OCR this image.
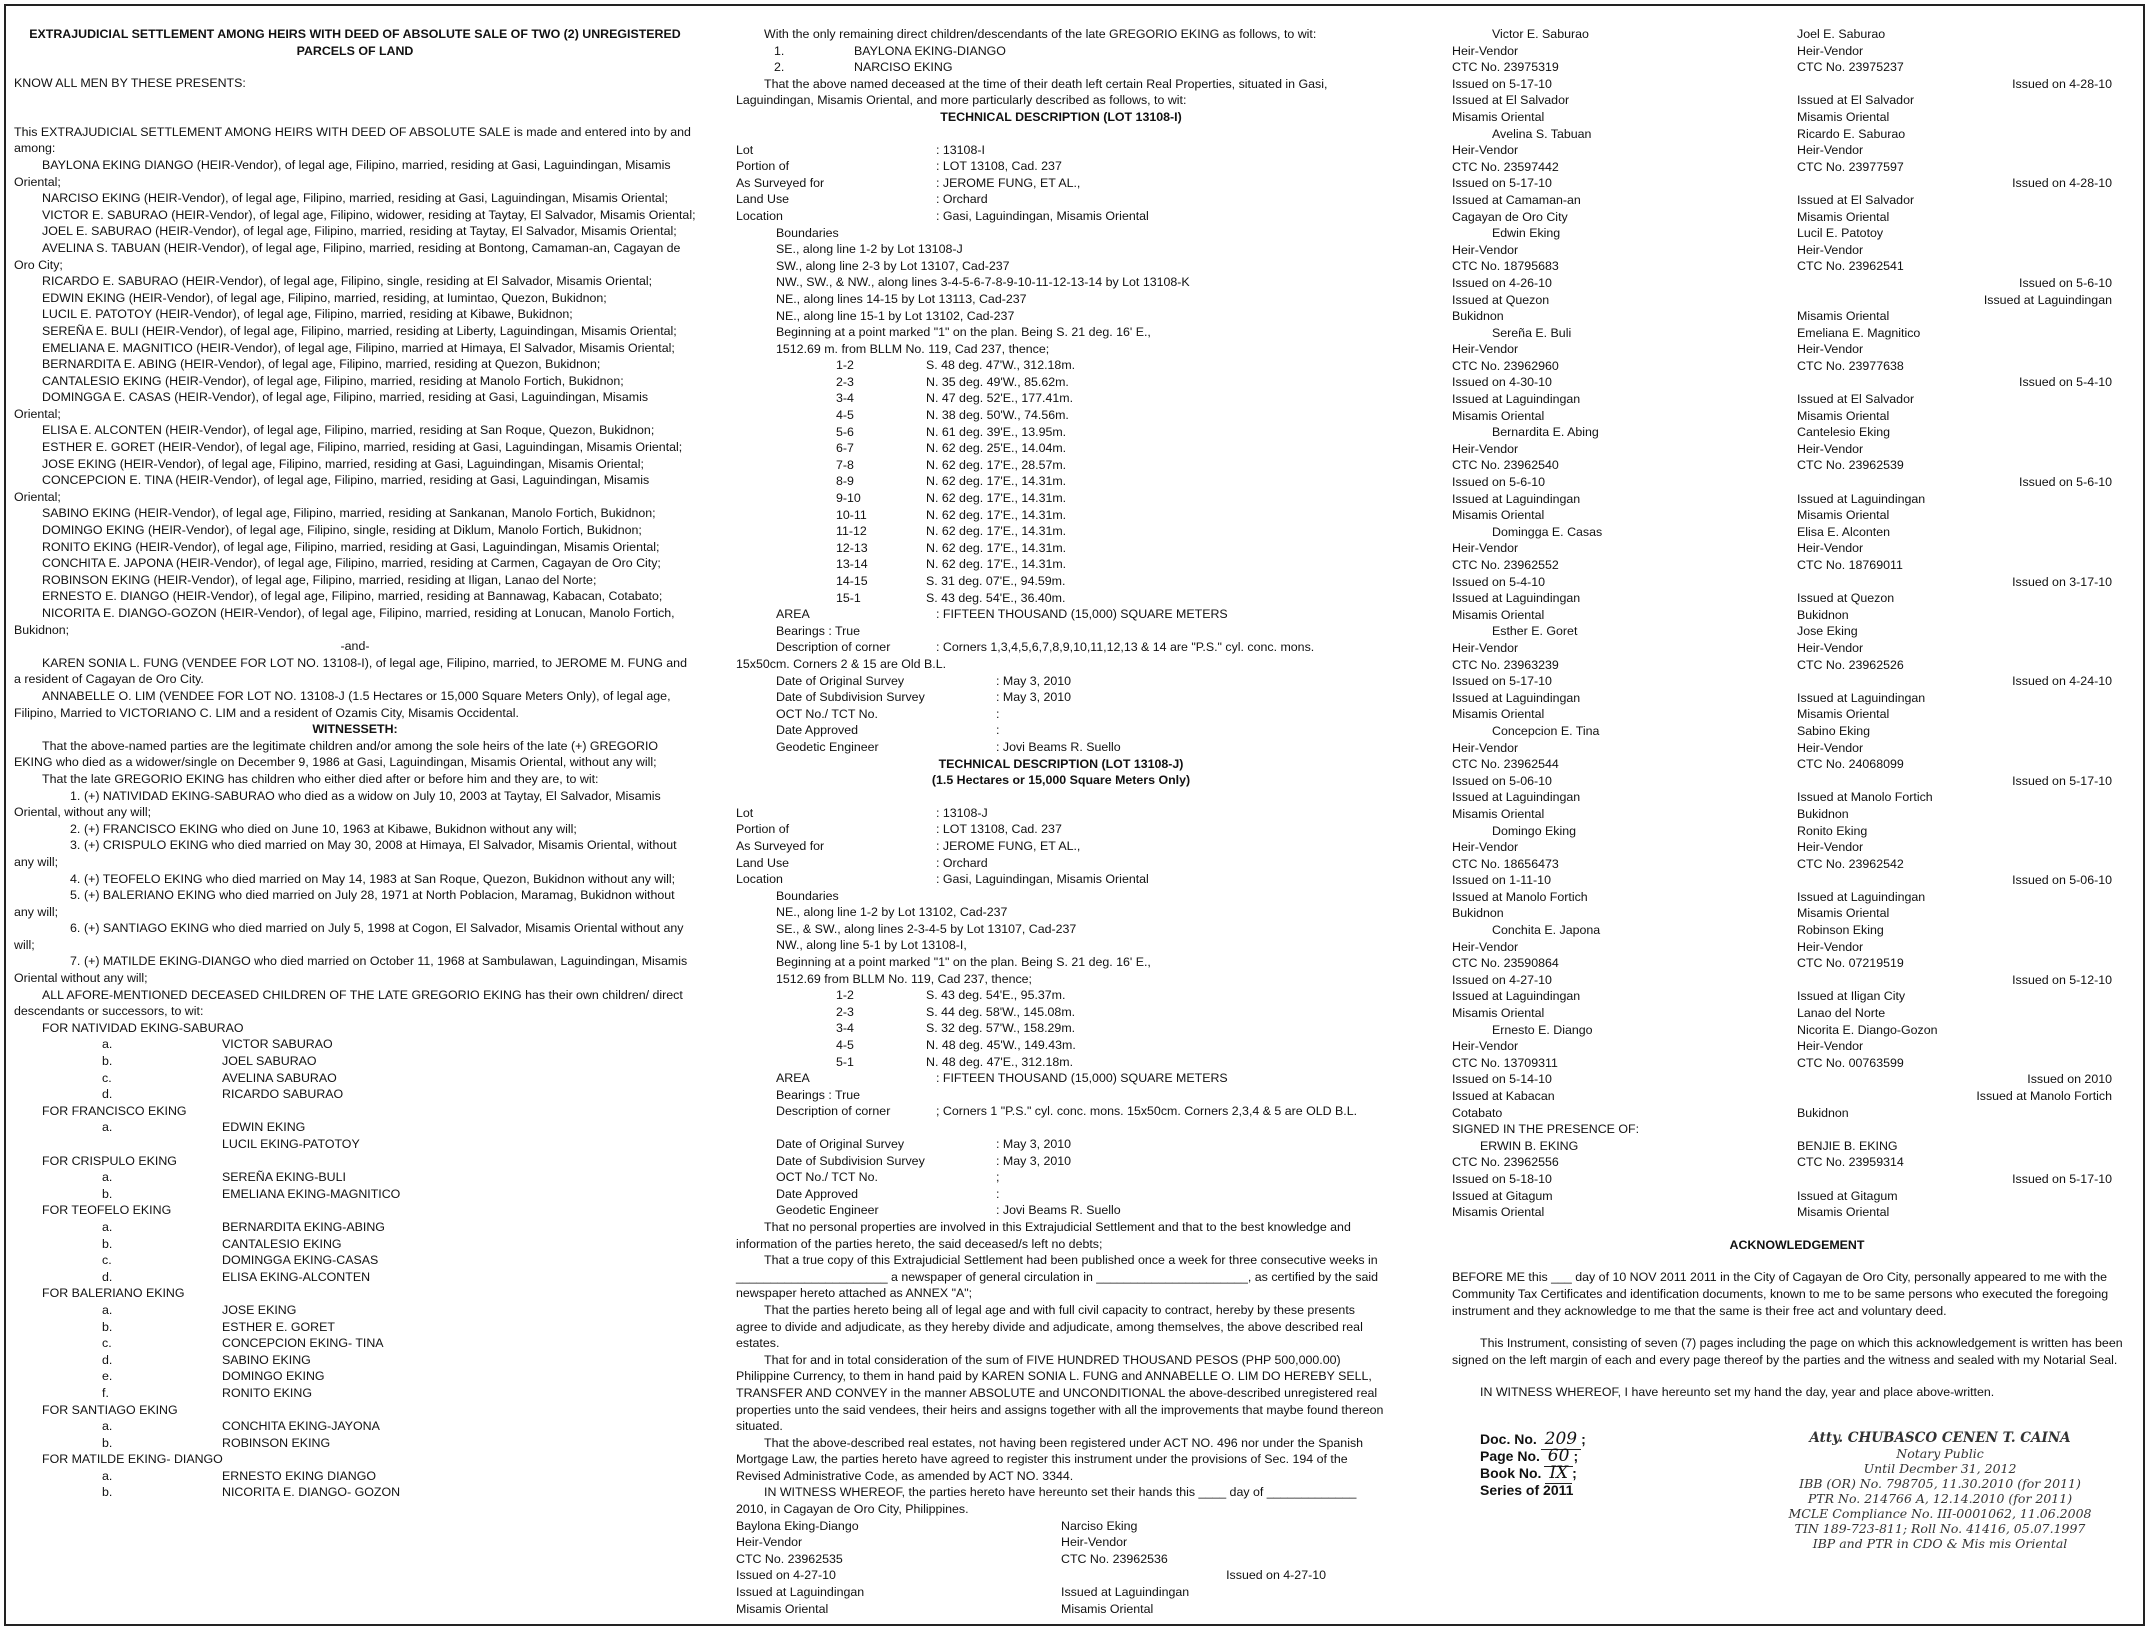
EXTRAJUDICIAL SETTLEMENT AMONG HEIRS WITH DEED OF ABSOLUTE SALE OF TWO (2) UNREGISTERED PARCELS OF LAND

KNOW ALL MEN BY THESE PRESENTS:

This EXTRAJUDICIAL SETTLEMENT AMONG HEIRS WITH DEED OF ABSOLUTE SALE is made and entered into by and among:

BAYLONA EKING DIANGO (HEIR-Vendor), of legal age, Filipino, married, residing at Gasi, Laguindingan, Misamis Oriental;

NARCISO EKING (HEIR-Vendor), of legal age, Filipino, married, residing at Gasi, Laguindingan, Misamis Oriental;

VICTOR E. SABURAO (HEIR-Vendor), of legal age, Filipino, widower, residing at Taytay, El Salvador, Misamis Oriental;

JOEL E. SABURAO (HEIR-Vendor), of legal age, Filipino, married, residing at Taytay, El Salvador, Misamis Oriental;

AVELINA S. TABUAN (HEIR-Vendor), of legal age, Filipino, married, residing at Bontong, Camaman-an, Cagayan de Oro City;

RICARDO E. SABURAO (HEIR-Vendor), of legal age, Filipino, single, residing at El Salvador, Misamis Oriental;

EDWIN EKING (HEIR-Vendor), of legal age, Filipino, married, residing, at Iumintao, Quezon, Bukidnon;

LUCIL E. PATOTOY (HEIR-Vendor), of legal age, Filipino, married, residing at Kibawe, Bukidnon;

SEREÑA E. BULI (HEIR-Vendor), of legal age, Filipino, married, residing at Liberty, Laguindingan, Misamis Oriental;

EMELIANA E. MAGNITICO (HEIR-Vendor), of legal age, Filipino, married at Himaya, El Salvador, Misamis Oriental;

BERNARDITA E. ABING (HEIR-Vendor), of legal age, Filipino, married, residing at Quezon, Bukidnon;

CANTALESIO EKING (HEIR-Vendor), of legal age, Filipino, married, residing at Manolo Fortich, Bukidnon;

DOMINGGA E. CASAS (HEIR-Vendor), of legal age, Filipino, married, residing at Gasi, Laguindingan, Misamis Oriental;

ELISA E. ALCONTEN (HEIR-Vendor), of legal age, Filipino, married, residing at San Roque, Quezon, Bukidnon;

ESTHER E. GORET (HEIR-Vendor), of legal age, Filipino, married, residing at Gasi, Laguindingan, Misamis Oriental;

JOSE EKING (HEIR-Vendor), of legal age, Filipino, married, residing at Gasi, Laguindingan, Misamis Oriental;

CONCEPCION E. TINA (HEIR-Vendor), of legal age, Filipino, married, residing at Gasi, Laguindingan, Misamis Oriental;

SABINO EKING (HEIR-Vendor), of legal age, Filipino, married, residing at Sankanan, Manolo Fortich, Bukidnon;

DOMINGO EKING (HEIR-Vendor), of legal age, Filipino, single, residing at Diklum, Manolo Fortich, Bukidnon;

RONITO EKING (HEIR-Vendor), of legal age, Filipino, married, residing at Gasi, Laguindingan, Misamis Oriental;

CONCHITA E. JAPONA (HEIR-Vendor), of legal age, Filipino, married, residing at Carmen, Cagayan de Oro City;

ROBINSON EKING (HEIR-Vendor), of legal age, Filipino, married, residing at Iligan, Lanao del Norte;

ERNESTO E. DIANGO (HEIR-Vendor), of legal age, Filipino, married, residing at Bannawag, Kabacan, Cotabato;

NICORITA E. DIANGO-GOZON (HEIR-Vendor), of legal age, Filipino, married, residing at Lonucan, Manolo Fortich, Bukidnon;

-and-

KAREN SONIA L. FUNG (VENDEE FOR LOT NO. 13108-I), of legal age, Filipino, married, to JEROME M. FUNG and a resident of Cagayan de Oro City.

ANNABELLE O. LIM (VENDEE FOR LOT NO. 13108-J (1.5 Hectares or 15,000 Square Meters Only), of legal age, Filipino, Married to VICTORIANO C. LIM and a resident of Ozamis City, Misamis Occidental.

WITNESSETH:

That the above-named parties are the legitimate children and/or among the sole heirs of the late (+) GREGORIO EKING who died as a widower/single on December 9, 1986 at Gasi, Laguindingan, Misamis Oriental, without any will;

That the late GREGORIO EKING has children who either died after or before him and they are, to wit:

1. (+) NATIVIDAD EKING-SABURAO who died as a widow on July 10, 2003 at Taytay, El Salvador, Misamis Oriental, without any will;

2. (+) FRANCISCO EKING who died on June 10, 1963 at Kibawe, Bukidnon without any will;

3. (+) CRISPULO EKING who died married on May 30, 2008 at Himaya, El Salvador, Misamis Oriental, without any will;

4. (+) TEOFELO EKING who died married on May 14, 1983 at San Roque, Quezon, Bukidnon without any will;

5. (+) BALERIANO EKING who died married on July 28, 1971 at North Poblacion, Maramag, Bukidnon without any will;

6. (+) SANTIAGO EKING who died married on July 5, 1998 at Cogon, El Salvador, Misamis Oriental without any will;

7. (+) MATILDE EKING-DIANGO who died married on October 11, 1968 at Sambulawan, Laguindingan, Misamis Oriental without any will;

ALL AFORE-MENTIONED DECEASED CHILDREN OF THE LATE GREGORIO EKING has their own children/ direct descendants or successors, to wit:

FOR NATIVIDAD EKING-SABURAO

a.	VICTOR SABURAO
b.	JOEL SABURAO
c.	AVELINA SABURAO
d.	RICARDO SABURAO

FOR FRANCISCO EKING

a.	EDWIN EKING
LUCIL EKING-PATOTOY

FOR CRISPULO EKING

a.	SEREÑA EKING-BULI
b.	EMELIANA EKING-MAGNITICO

FOR TEOFELO EKING

a.	BERNARDITA EKING-ABING
b.	CANTALESIO EKING
c.	DOMINGGA EKING-CASAS
d.	ELISA EKING-ALCONTEN

FOR BALERIANO EKING

a.	JOSE EKING
b.	ESTHER E. GORET
c.	CONCEPCION EKING- TINA
d.	SABINO EKING
e.	DOMINGO EKING
f.	RONITO EKING

FOR SANTIAGO EKING

a.	CONCHITA EKING-JAYONA
b.	ROBINSON EKING

FOR MATILDE EKING- DIANGO

a.	ERNESTO EKING DIANGO
b.	NICORITA E. DIANGO- GOZON

With the only remaining direct children/descendants of the late GREGORIO EKING as follows, to wit:

1.	BAYLONA EKING-DIANGO
2.	NARCISO EKING

That the above named deceased at the time of their death left certain Real Properties, situated in Gasi, Laguindingan, Misamis Oriental, and more particularly described as follows, to wit:

TECHNICAL DESCRIPTION (LOT 13108-I)

Lot	: 13108-I
Portion of	: LOT 13108, Cad. 237
As Surveyed for	: JEROME FUNG, ET AL.,
Land Use	: Orchard
Location	: Gasi, Laguindingan, Misamis Oriental

Boundaries

SE., along line 1-2 by Lot 13108-J

SW., along line 2-3 by Lot 13107, Cad-237

NW., SW., & NW., along lines 3-4-5-6-7-8-9-10-11-12-13-14 by Lot 13108-K

NE., along lines 14-15 by Lot 13113, Cad-237

NE., along line 15-1 by Lot 13102, Cad-237

Beginning at a point marked "1" on the plan. Being S. 21 deg. 16' E.,

1512.69 m. from BLLM No. 119, Cad 237, thence;

1-2	S. 48 deg. 47'W., 312.18m.
2-3	N. 35 deg. 49'W., 85.62m.
3-4	N. 47 deg. 52'E., 177.41m.
4-5	N. 38 deg. 50'W., 74.56m.
5-6	N. 61 deg. 39'E., 13.95m.
6-7	N. 62 deg. 25'E., 14.04m.
7-8	N. 62 deg. 17'E., 28.57m.
8-9	N. 62 deg. 17'E., 14.31m.
9-10	N. 62 deg. 17'E., 14.31m.
10-11	N. 62 deg. 17'E., 14.31m.
11-12	N. 62 deg. 17'E., 14.31m.
12-13	N. 62 deg. 17'E., 14.31m.
13-14	N. 62 deg. 17'E., 14.31m.
14-15	S. 31 deg. 07'E., 94.59m.
15-1	S. 43 deg. 54'E., 36.40m.
AREA	: FIFTEEN THOUSAND (15,000) SQUARE METERS

Bearings : True

Description of corner	: Corners 1,3,4,5,6,7,8,9,10,11,12,13 & 14 are "P.S." cyl. conc. mons.

15x50cm. Corners 2 & 15 are Old B.L.

Date of Original Survey	: May 3, 2010
Date of Subdivision Survey	: May 3, 2010
OCT No./ TCT No.	:
Date Approved	:
Geodetic Engineer	: Jovi Beams R. Suello

TECHNICAL DESCRIPTION (LOT 13108-J)

(1.5 Hectares or 15,000 Square Meters Only)

Lot	: 13108-J
Portion of	: LOT 13108, Cad. 237
As Surveyed for	: JEROME FUNG, ET AL.,
Land Use	: Orchard
Location	: Gasi, Laguindingan, Misamis Oriental

Boundaries

NE., along line 1-2 by Lot 13102, Cad-237

SE., & SW., along lines 2-3-4-5 by Lot 13107, Cad-237

NW., along line 5-1 by Lot 13108-I,

Beginning at a point marked "1" on the plan. Being S. 21 deg. 16' E.,

1512.69 from BLLM No. 119, Cad 237, thence;

1-2	S. 43 deg. 54'E., 95.37m.
2-3	S. 44 deg. 58'W., 145.08m.
3-4	S. 32 deg. 57'W., 158.29m.
4-5	N. 48 deg. 45'W., 149.43m.
5-1	N. 48 deg. 47'E., 312.18m.
AREA	: FIFTEEN THOUSAND (15,000) SQUARE METERS

Bearings : True

Description of corner	; Corners 1 "P.S." cyl. conc. mons. 15x50cm. Corners 2,3,4 & 5 are OLD B.L.
Date of Original Survey	: May 3, 2010
Date of Subdivision Survey	: May 3, 2010
OCT No./ TCT No.	;
Date Approved	:
Geodetic Engineer	: Jovi Beams R. Suello

That no personal properties are involved in this Extrajudicial Settlement and that to the best knowledge and information of the parties hereto, the said deceased/s left no debts;

That a true copy of this Extrajudicial Settlement had been published once a week for three consecutive weeks in ______________________ a newspaper of general circulation in ______________________, as certified by the said newspaper hereto attached as ANNEX "A";

That the parties hereto being all of legal age and with full civil capacity to contract, hereby by these presents agree to divide and adjudicate, as they hereby divide and adjudicate, among themselves, the above described real estates.

That for and in total consideration of the sum of FIVE HUNDRED THOUSAND PESOS (PHP 500,000.00) Philippine Currency, to them in hand paid by KAREN SONIA L. FUNG and ANNABELLE O. LIM DO HEREBY SELL, TRANSFER AND CONVEY in the manner ABSOLUTE and UNCONDITIONAL the above-described unregistered real properties unto the said vendees, their heirs and assigns together with all the improvements that maybe found thereon situated.

That the above-described real estates, not having been registered under ACT NO. 496 nor under the Spanish Mortgage Law, the parties hereto have agreed to register this instrument under the provisions of Sec. 194 of the Revised Administrative Code, as amended by ACT NO. 3344.

IN WITNESS WHEREOF, the parties hereto have hereunto set their hands this ____ day of _____________ 2010, in Cagayan de Oro City, Philippines.

Baylona Eking-Diango

Heir-Vendor

CTC No. 23962535

Issued on 4-27-10

Issued at Laguindingan

Misamis Oriental

Narciso Eking

Heir-Vendor

CTC No. 23962536

Issued on 4-27-10

Issued at Laguindingan

Misamis Oriental

Victor E. Saburao

Heir-Vendor

CTC No. 23975319

Issued on 5-17-10

Issued at El Salvador

Misamis Oriental

Joel E. Saburao

Heir-Vendor

CTC No. 23975237

Issued on 4-28-10

Issued at El Salvador

Misamis Oriental

Avelina S. Tabuan

Heir-Vendor

CTC No. 23597442

Issued on 5-17-10

Issued at Camaman-an

Cagayan de Oro City

Ricardo E. Saburao

Heir-Vendor

CTC No. 23977597

Issued on 4-28-10

Issued at El Salvador

Misamis Oriental

Edwin Eking

Heir-Vendor

CTC No. 18795683

Issued on 4-26-10

Issued at Quezon

Bukidnon

Lucil E. Patotoy

Heir-Vendor

CTC No. 23962541

Issued on 5-6-10

Issued at Laguindingan

Misamis Oriental

Sereña E. Buli

Heir-Vendor

CTC No. 23962960

Issued on 4-30-10

Issued at Laguindingan

Misamis Oriental

Emeliana E. Magnitico

Heir-Vendor

CTC No. 23977638

Issued on 5-4-10

Issued at El Salvador

Misamis Oriental

Bernardita E. Abing

Heir-Vendor

CTC No. 23962540

Issued on 5-6-10

Issued at Laguindingan

Misamis Oriental

Cantelesio Eking

Heir-Vendor

CTC No. 23962539

Issued on 5-6-10

Issued at Laguindingan

Misamis Oriental

Domingga E. Casas

Heir-Vendor

CTC No. 23962552

Issued on 5-4-10

Issued at Laguindingan

Misamis Oriental

Elisa E. Alconten

Heir-Vendor

CTC No. 18769011

Issued on 3-17-10

Issued at Quezon

Bukidnon

Esther E. Goret

Heir-Vendor

CTC No. 23963239

Issued on 5-17-10

Issued at Laguindingan

Misamis Oriental

Jose Eking

Heir-Vendor

CTC No. 23962526

Issued on 4-24-10

Issued at Laguindingan

Misamis Oriental

Concepcion E. Tina

Heir-Vendor

CTC No. 23962544

Issued on 5-06-10

Issued at Laguindingan

Misamis Oriental

Sabino Eking

Heir-Vendor

CTC No. 24068099

Issued on 5-17-10

Issued at Manolo Fortich

Bukidnon

Domingo Eking

Heir-Vendor

CTC No. 18656473

Issued on 1-11-10

Issued at Manolo Fortich

Bukidnon

Ronito Eking

Heir-Vendor

CTC No. 23962542

Issued on 5-06-10

Issued at Laguindingan

Misamis Oriental

Conchita E. Japona

Heir-Vendor

CTC No. 23590864

Issued on 4-27-10

Issued at Laguindingan

Misamis Oriental

Robinson Eking

Heir-Vendor

CTC No. 07219519

Issued on 5-12-10

Issued at Iligan City

Lanao del Norte

Ernesto E. Diango

Heir-Vendor

CTC No. 13709311

Issued on 5-14-10

Issued at Kabacan

Cotabato

Nicorita E. Diango-Gozon

Heir-Vendor

CTC No. 00763599

Issued on 2010

Issued at Manolo Fortich

Bukidnon

SIGNED IN THE PRESENCE OF:

ERWIN B. EKING

CTC No. 23962556

Issued on 5-18-10

Issued at Gitagum

Misamis Oriental

BENJIE B. EKING

CTC No. 23959314

Issued on 5-17-10

Issued at Gitagum

Misamis Oriental

ACKNOWLEDGEMENT

BEFORE ME this ___ day of 10 NOV 2011 2011 in the City of Cagayan de Oro City, personally appeared to me with the Community Tax Certificates and identification documents, known to me to be same persons who executed the foregoing instrument and they acknowledge to me that the same is their free act and voluntary deed.

This Instrument, consisting of seven (7) pages including the page on which this acknowledgement is written has been signed on the left margin of each and every page thereof by the parties and the witness and sealed with my Notarial Seal.

IN WITNESS WHEREOF, I have hereunto set my hand the day, year and place above-written.

Doc. No. 209 ;
Page No. 60 ;
Book No. IX ;
Series of 2011
Atty. CHUBASCO CENEN T. CAINA
Notary Public
Until Decmber 31, 2012
IBB (OR) No. 798705, 11.30.2010 (for 2011)
PTR No. 214766 A, 12.14.2010 (for 2011)
MCLE Compliance No. III-0001062, 11.06.2008
TIN 189-723-811; Roll No. 41416, 05.07.1997
IBP and PTR in CDO & Mis mis Oriental
